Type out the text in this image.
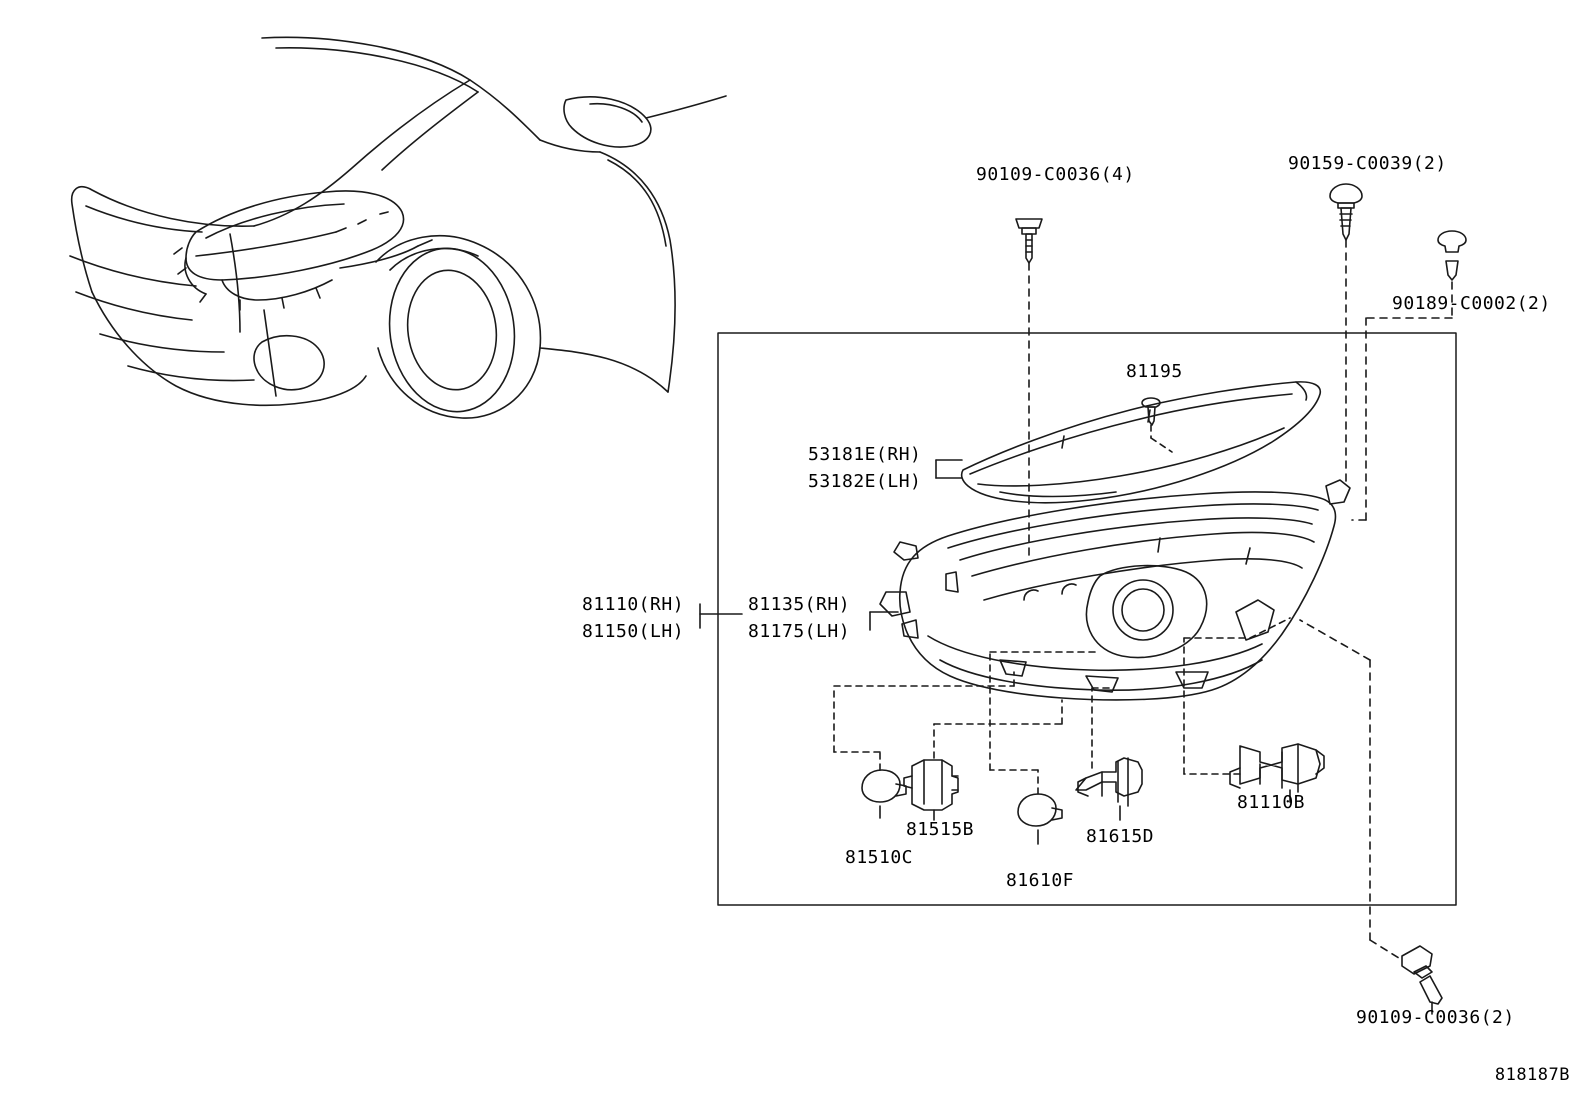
90109-C0036(4)
90159-C0039(2)
90189-C0002(2)
81195
53181E(RH)
53182E(LH)
81110(RH)
81150(LH)
81135(RH)
81175(LH)
81510C
81515B
81610F
81615D
81110B
90109-C0036(2)
818187B
